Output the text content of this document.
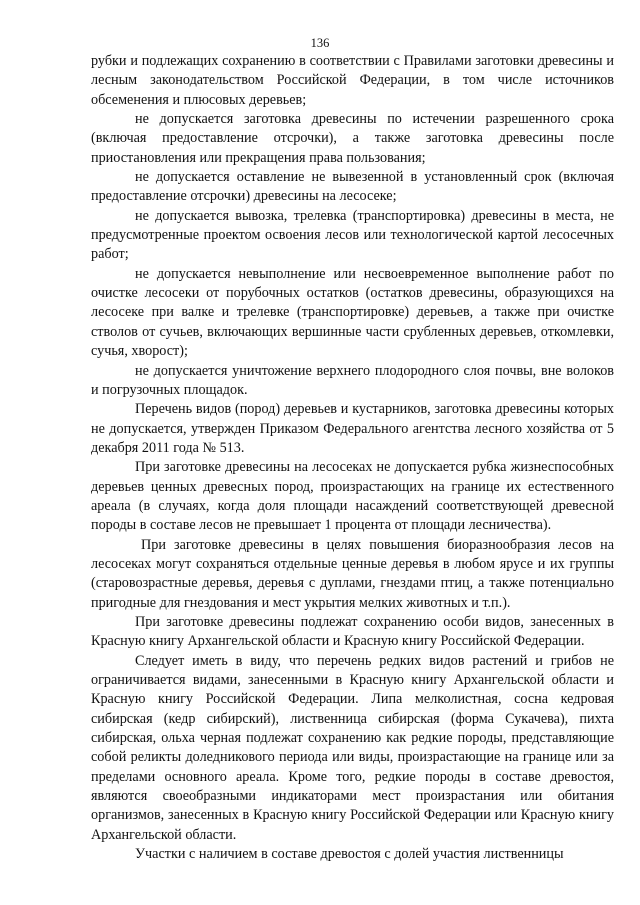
136

рубки и подлежащих сохранению в соответствии с Правилами заготовки древесины и лесным законодательством Российской Федерации, в том числе источников обсеменения и плюсовых деревьев;

не допускается заготовка древесины по истечении разрешенного срока (включая предоставление отсрочки), а также заготовка древесины после приостановления или прекращения права пользования;

не допускается оставление не вывезенной в установленный срок (включая предоставление отсрочки) древесины на лесосеке;

не допускается вывозка, трелевка (транспортировка) древесины в места, не предусмотренные проектом освоения лесов или технологической картой лесосечных работ;

не допускается невыполнение или несвоевременное выполнение работ по очистке лесосеки от порубочных остатков (остатков древесины, образующихся на лесосеке при валке и трелевке (транспортировке) деревьев, а также при очистке стволов от сучьев, включающих вершинные части срубленных деревьев, откомлевки, сучья, хворост);

не допускается уничтожение верхнего плодородного слоя почвы, вне волоков и погрузочных площадок.

Перечень видов (пород) деревьев и кустарников, заготовка древесины которых не допускается, утвержден Приказом Федерального агентства лесного хозяйства от 5 декабря 2011 года № 513.

При заготовке древесины на лесосеках не допускается рубка жизнеспособных деревьев ценных древесных пород, произрастающих на границе их естественного ареала (в случаях, когда доля площади насаждений соответствующей древесной породы в составе лесов не превышает 1 процента от площади лесничества).

При заготовке древесины в целях повышения биоразнообразия лесов на лесосеках могут сохраняться отдельные ценные деревья в любом ярусе и их группы (старовозрастные деревья, деревья с дуплами, гнездами птиц, а также потенциально пригодные для гнездования и мест укрытия мелких животных и т.п.).

При заготовке древесины подлежат сохранению особи видов, занесенных в Красную книгу Архангельской области и Красную книгу Российской Федерации.

Следует иметь в виду, что перечень редких видов растений и грибов не ограничивается видами, занесенными в Красную книгу Архангельской области и Красную книгу Российской Федерации. Липа мелколистная, сосна кедровая сибирская (кедр сибирский), лиственница сибирская (форма Сукачева), пихта сибирская, ольха черная подлежат сохранению как редкие породы, представляющие собой реликты доледникового периода или виды, произрастающие на границе или за пределами основного ареала. Кроме того, редкие породы в составе древостоя, являются своеобразными индикаторами мест произрастания или обитания организмов, занесенных в Красную книгу Российской Федерации или Красную книгу Архангельской области.

Участки с наличием в составе древостоя с долей участия лиственницы
